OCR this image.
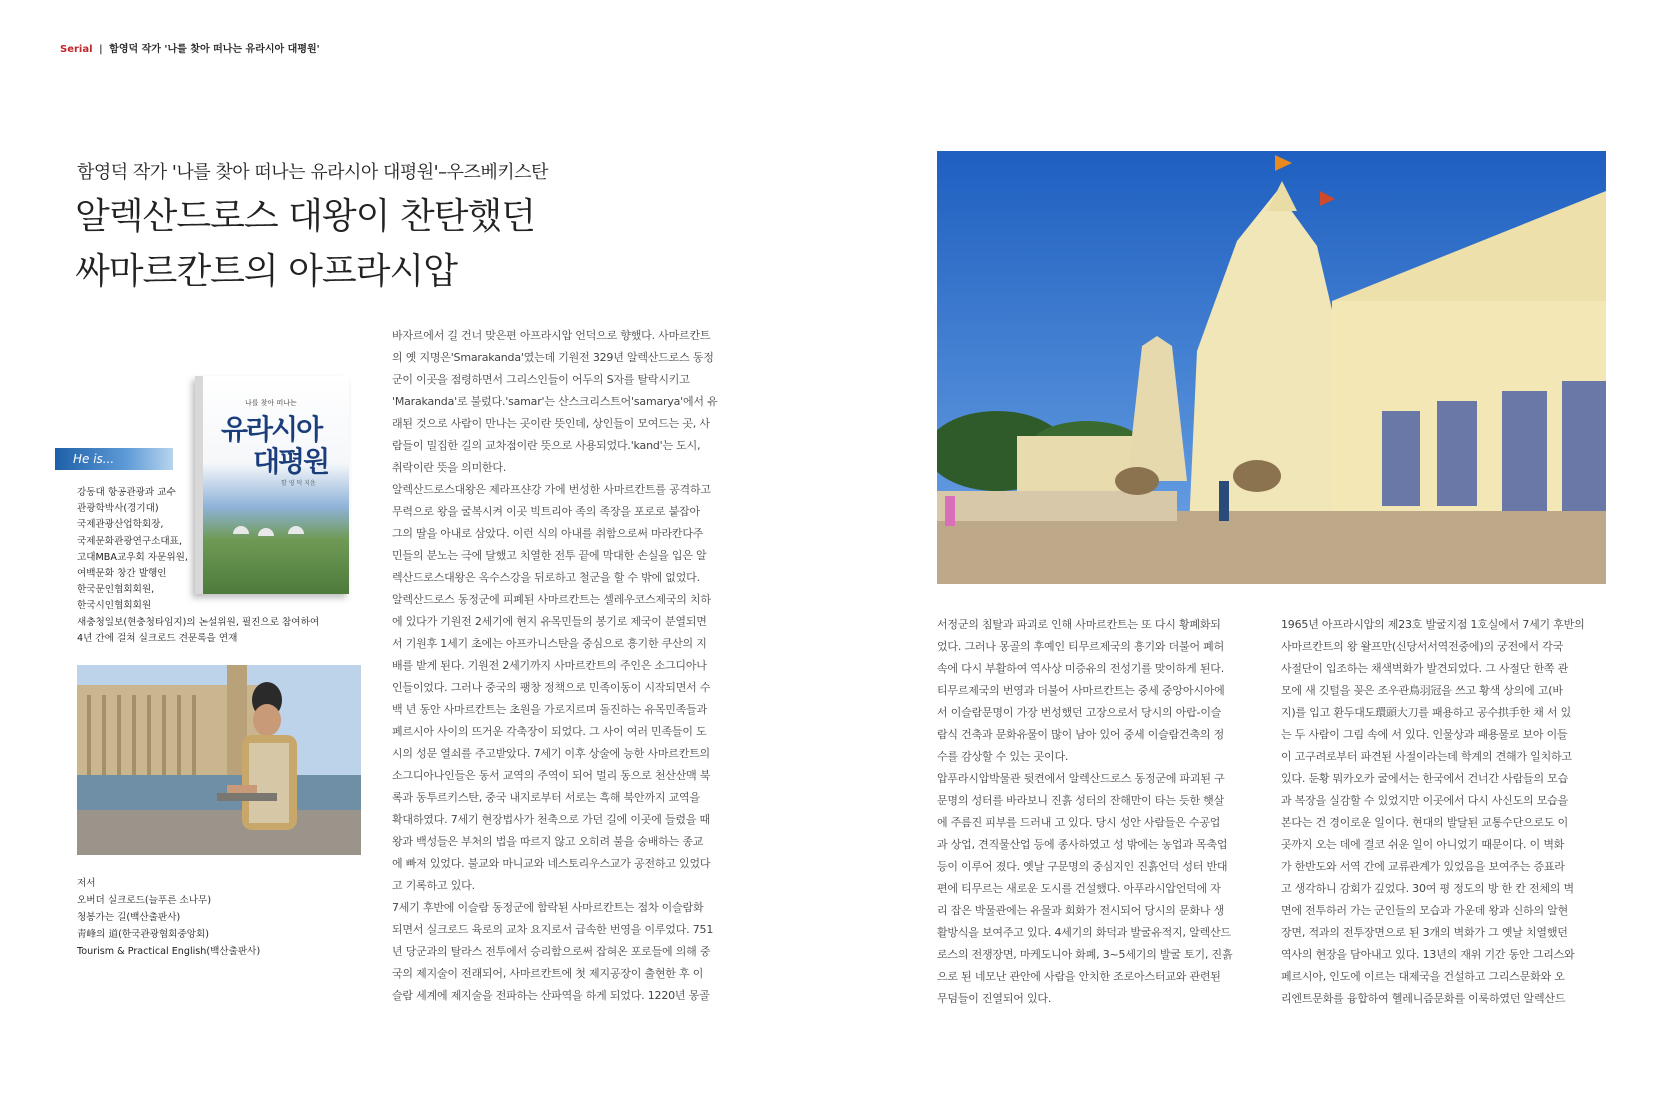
Serial | 함영덕 작가 '나를 찾아 떠나는 유라시아 대평원'
함영덕 작가 '나를 찾아 떠나는 유라시아 대평원'–우즈베키스탄
알렉산드로스 대왕이 찬탄했던
싸마르칸트의 아프라시압
나를 찾아 떠나는
유라시아
대평원
함 영 덕 지음
He is...
강동대 항공관광과 교수
관광학박사(경기대)
국제관광산업학회장,
국제문화관광연구소대표,
고대MBA교우회 자문위원,
여백문화 창간 발행인
한국문인협회회원,
한국시인협회회원
새충청일보(현충청타임지)의 논설위원, 필진으로 참여하여
4년 간에 걸쳐 실크로드 견문록을 연재
저서
오버더 실크로드(늘푸른 소나무)
청봉가는 길(백산출판사)
靑峰의 道(한국관광협회중앙회)
Tourism & Practical English(백산출판사)
바자르에서 길 건너 맞은편 아프라시압 언덕으로 향했다. 사마르칸트
의 옛 지명은'Smarakanda'였는데 기원전 329년 알렉산드로스 동정
군이 이곳을 점령하면서 그리스인들이 어두의 S자를 탈락시키고
'Marakanda'로 불렀다.'samar'는 산스크리스트어'samarya'에서 유
래된 것으로 사람이 만나는 곳이란 뜻인데, 상인들이 모여드는 곳, 사
람들이 밀집한 길의 교차점이란 뜻으로 사용되었다.'kand'는 도시,
취락이란 뜻을 의미한다.
알렉산드로스대왕은 제라프샨강 가에 번성한 사마르칸트를 공격하고
무력으로 왕을 굴복시켜 이곳 빅트리아 족의 족장을 포로로 붙잡아
그의 딸을 아내로 삼았다. 이런 식의 아내를 취함으로써 마라칸다주
민들의 분노는 극에 달했고 치열한 전투 끝에 막대한 손실을 입은 알
렉산드로스대왕은 옥수스강을 뒤로하고 철군을 할 수 밖에 없었다.
알렉산드로스 동정군에 피폐된 사마르칸트는 셀레우코스제국의 치하
에 있다가 기원전 2세기에 현지 유목민들의 봉기로 제국이 분열되면
서 기원후 1세기 초에는 아프카니스탄을 중심으로 흥기한 쿠산의 지
배를 받게 된다. 기원전 2세기까지 사마르칸트의 주인은 소그디아나
인들이었다. 그러나 중국의 팽창 정책으로 민족이동이 시작되면서 수
백 년 동안 사마르칸트는 초원을 가로지르며 돌진하는 유목민족들과
페르시아 사이의 뜨거운 각축장이 되었다. 그 사이 여러 민족들이 도
시의 성문 열쇠를 주고받았다. 7세기 이후 상술에 능한 사마르칸트의
소그디아나인들은 동서 교역의 주역이 되어 멀리 동으로 천산산맥 북
록과 동투르키스탄, 중국 내지로부터 서로는 흑해 북안까지 교역을
확대하였다. 7세기 현장법사가 천축으로 가던 길에 이곳에 들렸을 때
왕과 백성들은 부처의 법을 따르지 않고 오히려 불을 숭배하는 종교
에 빠져 있었다. 불교와 마니교와 네스토리우스교가 공전하고 있었다
고 기록하고 있다.
7세기 후반에 이슬람 동정군에 함락된 사마르칸트는 점차 이슬람화
되면서 실크로드 육로의 교차 요지로서 급속한 번영을 이루었다. 751
년 당군과의 탈라스 전투에서 승리함으로써 잡혀온 포로들에 의해 중
국의 제지술이 전래되어, 사마르칸트에 첫 제지공장이 출현한 후 이
슬람 세계에 제지술을 전파하는 산파역을 하게 되었다. 1220년 몽골
서정군의 침탈과 파괴로 인해 사마르칸트는 또 다시 황폐화되
었다. 그러나 몽골의 후예인 티무르제국의 흥기와 더불어 폐허
속에 다시 부활하여 역사상 미증유의 전성기를 맞이하게 된다.
티무르제국의 번영과 더불어 사마르칸트는 중세 중앙아시아에
서 이슬람문명이 가장 번성했던 고장으로서 당시의 아랍-이슬
람식 건축과 문화유물이 많이 남아 있어 중세 이슬람건축의 정
수를 감상할 수 있는 곳이다.
압푸라시압박물관 뒷켠에서 알렉산드로스 동정군에 파괴된 구
문명의 성터를 바라보니 진흙 성터의 잔해만이 타는 듯한 햇살
에 주름진 피부를 드러내 고 있다. 당시 성안 사람들은 수공업
과 상업, 견직물산업 등에 종사하였고 성 밖에는 농업과 목축업
등이 이루어 졌다. 옛날 구문명의 중심지인 진흙언덕 성터 반대
편에 티무르는 새로운 도시를 건설했다. 아푸라시압언덕에 자
리 잡은 박물관에는 유물과 회화가 전시되어 당시의 문화나 생
활방식을 보여주고 있다. 4세기의 화덕과 발굴유적지, 알렉산드
로스의 전쟁장면, 마케도니아 화폐, 3~5세기의 발굴 토기, 진흙
으로 된 네모난 관안에 사람을 안치한 조로아스터교와 관련된
무덤들이 진열되어 있다.
1965년 아프라시압의 제23호 발굴지점 1호실에서 7세기 후반의
사마르칸트의 왕 왈프만(신당서서역전중에)의 궁전에서 각국
사절단이 입조하는 채색벽화가 발견되었다. 그 사절단 한쪽 관
모에 새 깃털을 꽂은 조우관鳥羽冠을 쓰고 황색 상의에 고(바
지)를 입고 환두대도環頭大刀를 패용하고 공수拱手한 채 서 있
는 두 사람이 그림 속에 서 있다. 인물상과 패용물로 보아 이들
이 고구려로부터 파견된 사절이라는데 학계의 견해가 일치하고
있다. 둔황 뭐카오카 굴에서는 한국에서 건너간 사람들의 모습
과 복장을 실감할 수 있었지만 이곳에서 다시 사신도의 모습을
본다는 건 경이로운 일이다. 현대의 발달된 교통수단으로도 이
곳까지 오는 데에 결코 쉬운 일이 아니었기 때문이다. 이 벽화
가 한반도와 서역 간에 교류관계가 있었음을 보여주는 증표라
고 생각하니 감회가 깊었다. 30여 평 정도의 방 한 칸 전체의 벽
면에 전투하러 가는 군인들의 모습과 가운데 왕과 신하의 알현
장면, 적과의 전투장면으로 된 3개의 벽화가 그 옛날 치열했던
역사의 현장을 담아내고 있다. 13년의 재위 기간 동안 그리스와
페르시아, 인도에 이르는 대제국을 건설하고 그리스문화와 오
리엔트문화를 융합하여 헬레니즘문화를 이룩하였던 알렉산드
